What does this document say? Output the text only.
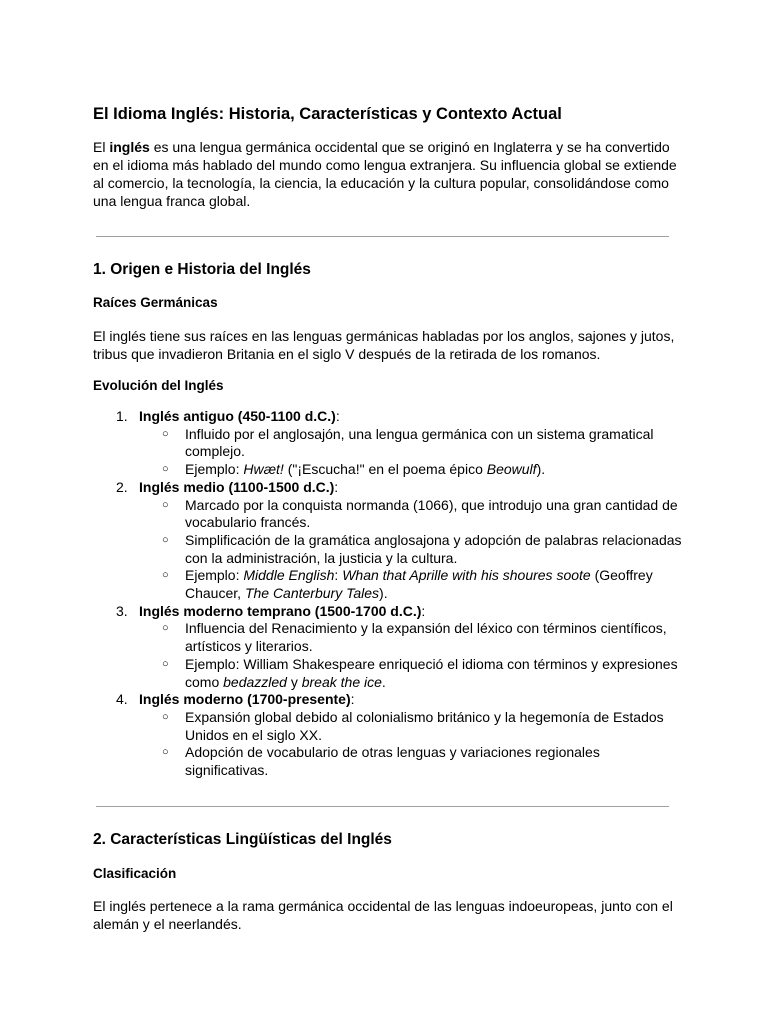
El Idioma Inglés: Historia, Características y Contexto Actual

El inglés es una lengua germánica occidental que se originó en Inglaterra y se ha convertido en el idioma más hablado del mundo como lengua extranjera. Su influencia global se extiende al comercio, la tecnología, la ciencia, la educación y la cultura popular, consolidándose como una lengua franca global.

1. Origen e Historia del Inglés
Raíces Germánicas

El inglés tiene sus raíces en las lenguas germánicas habladas por los anglos, sajones y jutos, tribus que invadieron Britania en el siglo V después de la retirada de los romanos.

Evolución del Inglés
1. Inglés antiguo (450-1100 d.C.):
○ Influido por el anglosajón, una lengua germánica con un sistema gramatical complejo.
○ Ejemplo: Hwæt! ("¡Escucha!" en el poema épico Beowulf).
2. Inglés medio (1100-1500 d.C.):
○ Marcado por la conquista normanda (1066), que introdujo una gran cantidad de vocabulario francés.
○ Simplificación de la gramática anglosajona y adopción de palabras relacionadas con la administración, la justicia y la cultura.
○ Ejemplo: Middle English: Whan that Aprille with his shoures soote (Geoffrey Chaucer, The Canterbury Tales).
3. Inglés moderno temprano (1500-1700 d.C.):
○ Influencia del Renacimiento y la expansión del léxico con términos científicos, artísticos y literarios.
○ Ejemplo: William Shakespeare enriqueció el idioma con términos y expresiones como bedazzled y break the ice.
4. Inglés moderno (1700-presente):
○ Expansión global debido al colonialismo británico y la hegemonía de Estados Unidos en el siglo XX.
○ Adopción de vocabulario de otras lenguas y variaciones regionales significativas.
2. Características Lingüísticas del Inglés
Clasificación

El inglés pertenece a la rama germánica occidental de las lenguas indoeuropeas, junto con el alemán y el neerlandés.
